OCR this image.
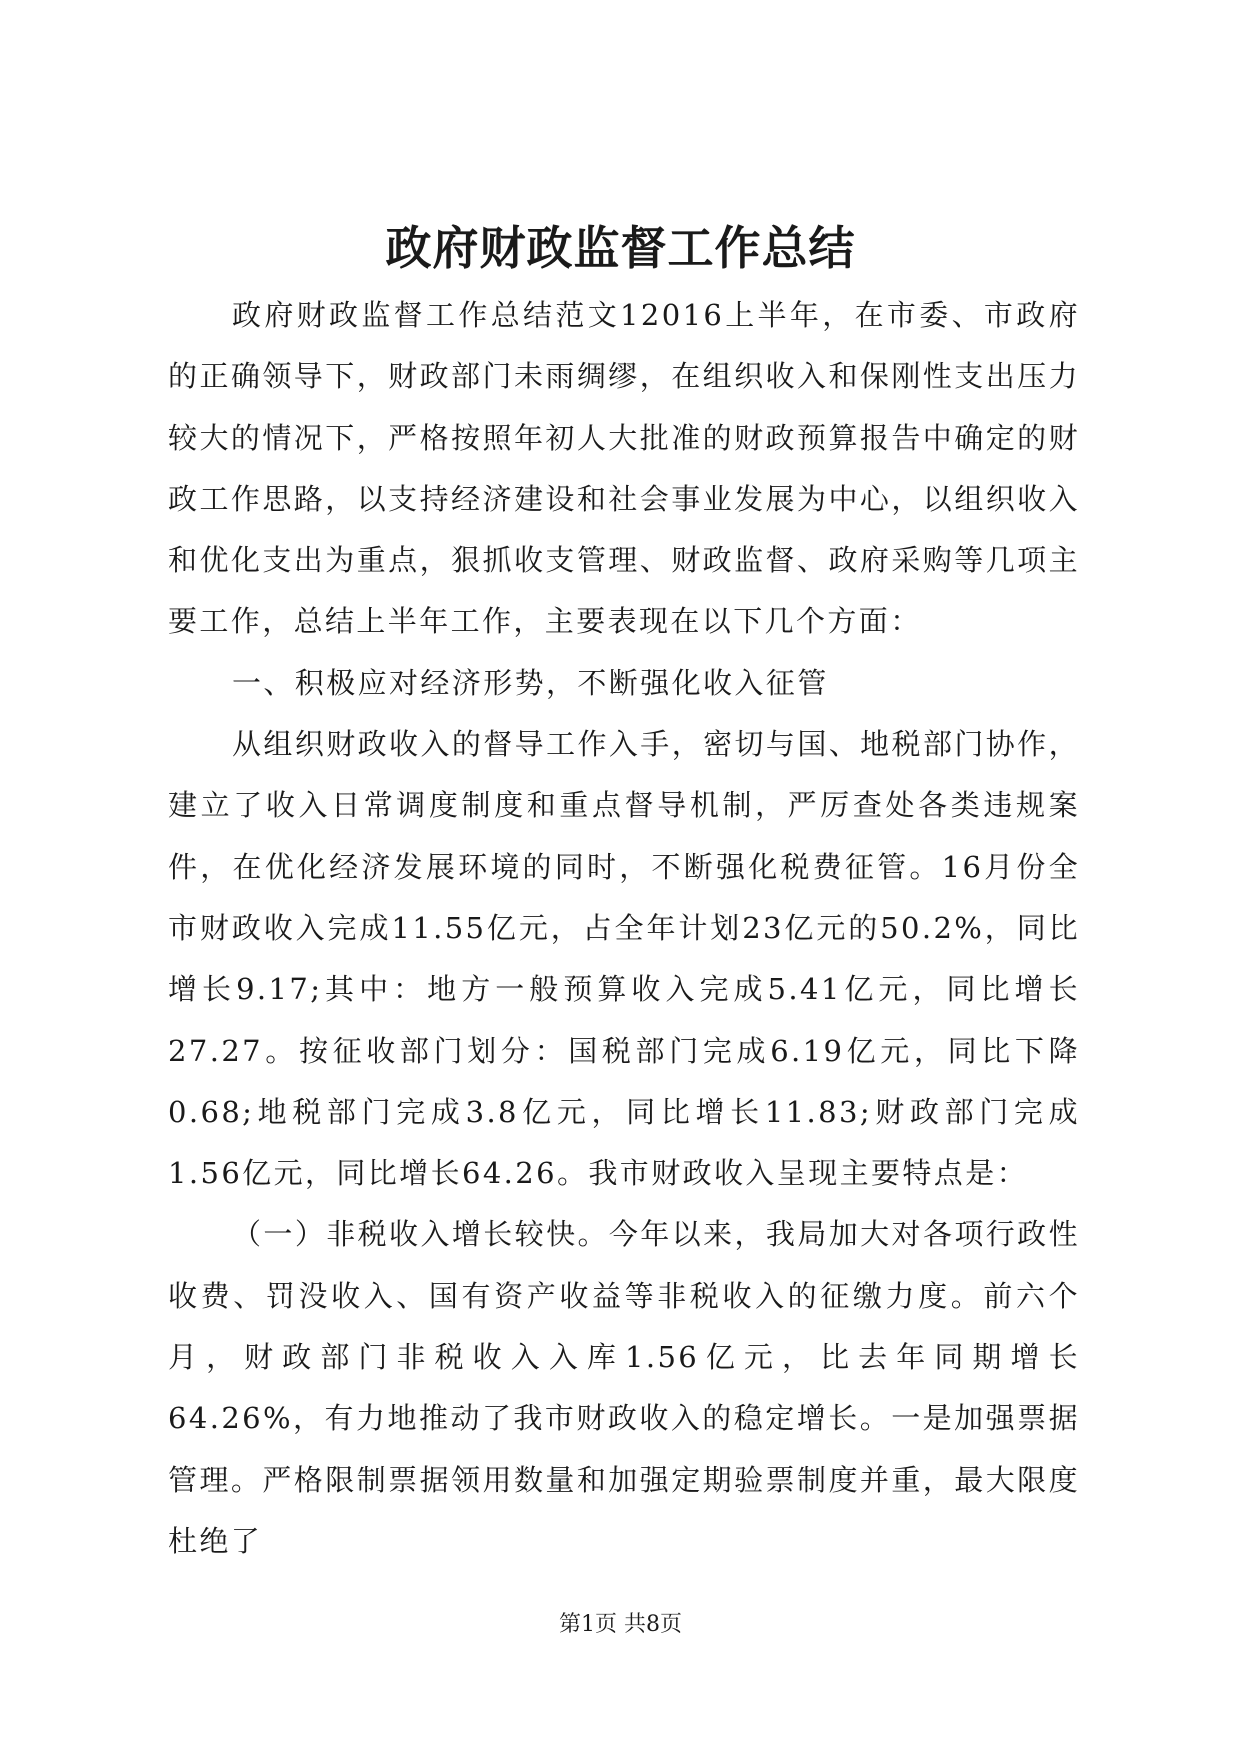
政府财政监督工作总结

政府财政监督工作总结范文12016上半年，在市委、市政府的正确领导下，财政部门未雨绸缪，在组织收入和保刚性支出压力较大的情况下，严格按照年初人大批准的财政预算报告中确定的财政工作思路，以支持经济建设和社会事业发展为中心，以组织收入和优化支出为重点，狠抓收支管理、财政监督、政府采购等几项主要工作，总结上半年工作，主要表现在以下几个方面：

一、积极应对经济形势，不断强化收入征管

从组织财政收入的督导工作入手，密切与国、地税部门协作，建立了收入日常调度制度和重点督导机制，严厉查处各类违规案件，在优化经济发展环境的同时，不断强化税费征管。16月份全市财政收入完成11.55亿元，占全年计划23亿元的50.2%，同比增长9.17;其中：地方一般预算收入完成5.41亿元，同比增长27.27。按征收部门划分：国税部门完成6.19亿元，同比下降0.68;地税部门完成3.8亿元，同比增长11.83;财政部门完成1.56亿元，同比增长64.26。我市财政收入呈现主要特点是：

（一）非税收入增长较快。今年以来，我局加大对各项行政性收费、罚没收入、国有资产收益等非税收入的征缴力度。前六个月，财政部门非税收入入库1.56亿元，比去年同期增长64.26%，有力地推动了我市财政收入的稳定增长。一是加强票据管理。严格限制票据领用数量和加强定期验票制度并重，最大限度杜绝了

第1页 共8页
